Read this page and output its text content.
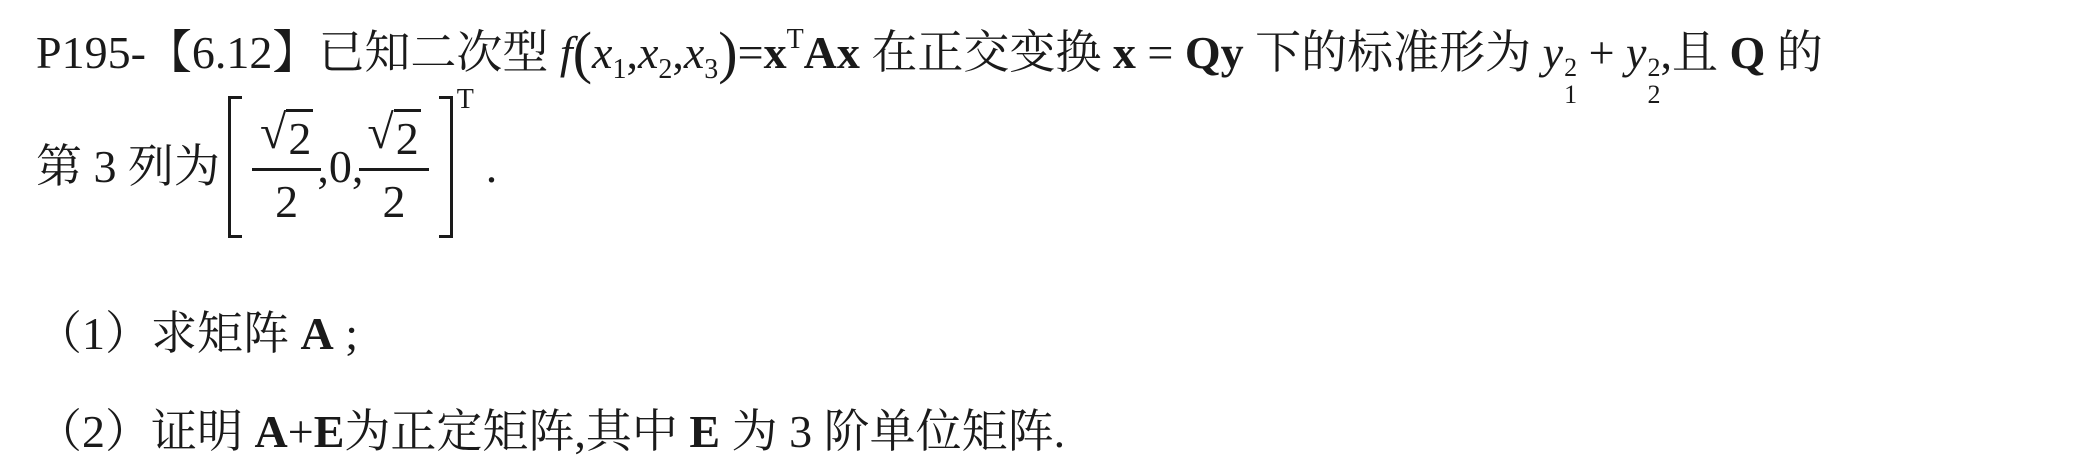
P195-【6.12】已知二次型 $f(x_1,x_2,x_3)=x^TAx$ 在正交变换 x = Qy 下的标准形为 y 2
1
+ y 2
2
,且 Q 的
第 3 列为 $\frac{√ 2}{2}$ , 0 , $\frac{√ 2}{2}$
T
.
（1）求矩阵 A ;
（2）证明 A+E为正定矩阵,其中 E 为 3 阶单位矩阵.
